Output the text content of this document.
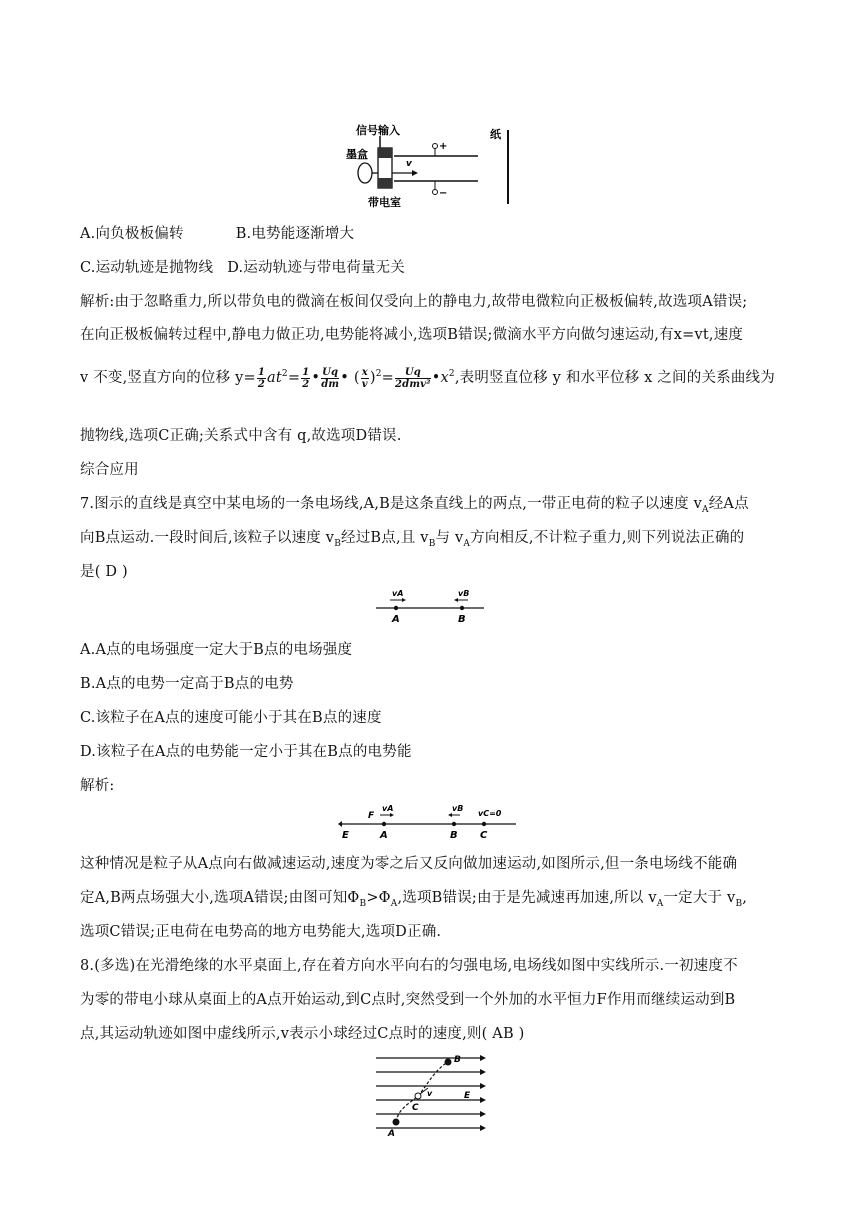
信号输入
墨盒
v
+
−
带电室
纸
A.向负极板偏转	B.电势能逐渐增大
C.运动轨迹是抛物线 D.运动轨迹与带电荷量无关
解析:由于忽略重力,所以带负电的微滴在板间仅受向上的静电力,故带电微粒向正极板偏转,故选项A错误;
在向正极板偏转过程中,静电力做正功,电势能将减小,选项B错误;微滴水平方向做匀速运动,有x=vt,速度
v 不变,竖直方向的位移 $y= \frac{1}{2} at^2= \frac{1}{2}$ • $\frac{Uq}{dm}$ • ( $\frac{x}{v} )^2= \frac{Uq}{\text{2dmv²}}$ $•x^2$,表明竖直位移 y 和水平位移 x 之间的关系曲线为
抛物线,选项C正确;关系式中含有 q,故选项D错误.
综合应用
7.图示的直线是真空中某电场的一条电场线,A,B是这条直线上的两点,一带正电荷的粒子以速度 $v_A$经A点
向B点运动.一段时间后,该粒子以速度 $v_B$经过B点,且 $v_B$与 $v_A$方向相反,不计粒子重力,则下列说法正确的
是( D )
vA	vB
A	B
A.A点的电场强度一定大于B点的电场强度
B.A点的电势一定高于B点的电势
C.该粒子在A点的速度可能小于其在B点的速度
D.该粒子在A点的电势能一定小于其在B点的电势能
解析:
F
vA	vB
vC=0
E	A	B C
这种情况是粒子从A点向右做减速运动,速度为零之后又反向做加速运动,如图所示,但一条电场线不能确
定A,B两点场强大小,选项A错误;由图可知$\Phi_B>\Phi_A$,选项B错误;由于是先减速再加速,所以 $v_A$一定大于 $v_B$,
选项C错误;正电荷在电势高的地方电势能大,选项D正确.
8.(多选)在光滑绝缘的水平桌面上,存在着方向水平向右的匀强电场,电场线如图中实线所示.一初速度不
为零的带电小球从桌面上的A点开始运动,到C点时,突然受到一个外加的水平恒力F作用而继续运动到B
点,其运动轨迹如图中虚线所示,v表示小球经过C点时的速度,则( AB )
v
C
E
B
A
